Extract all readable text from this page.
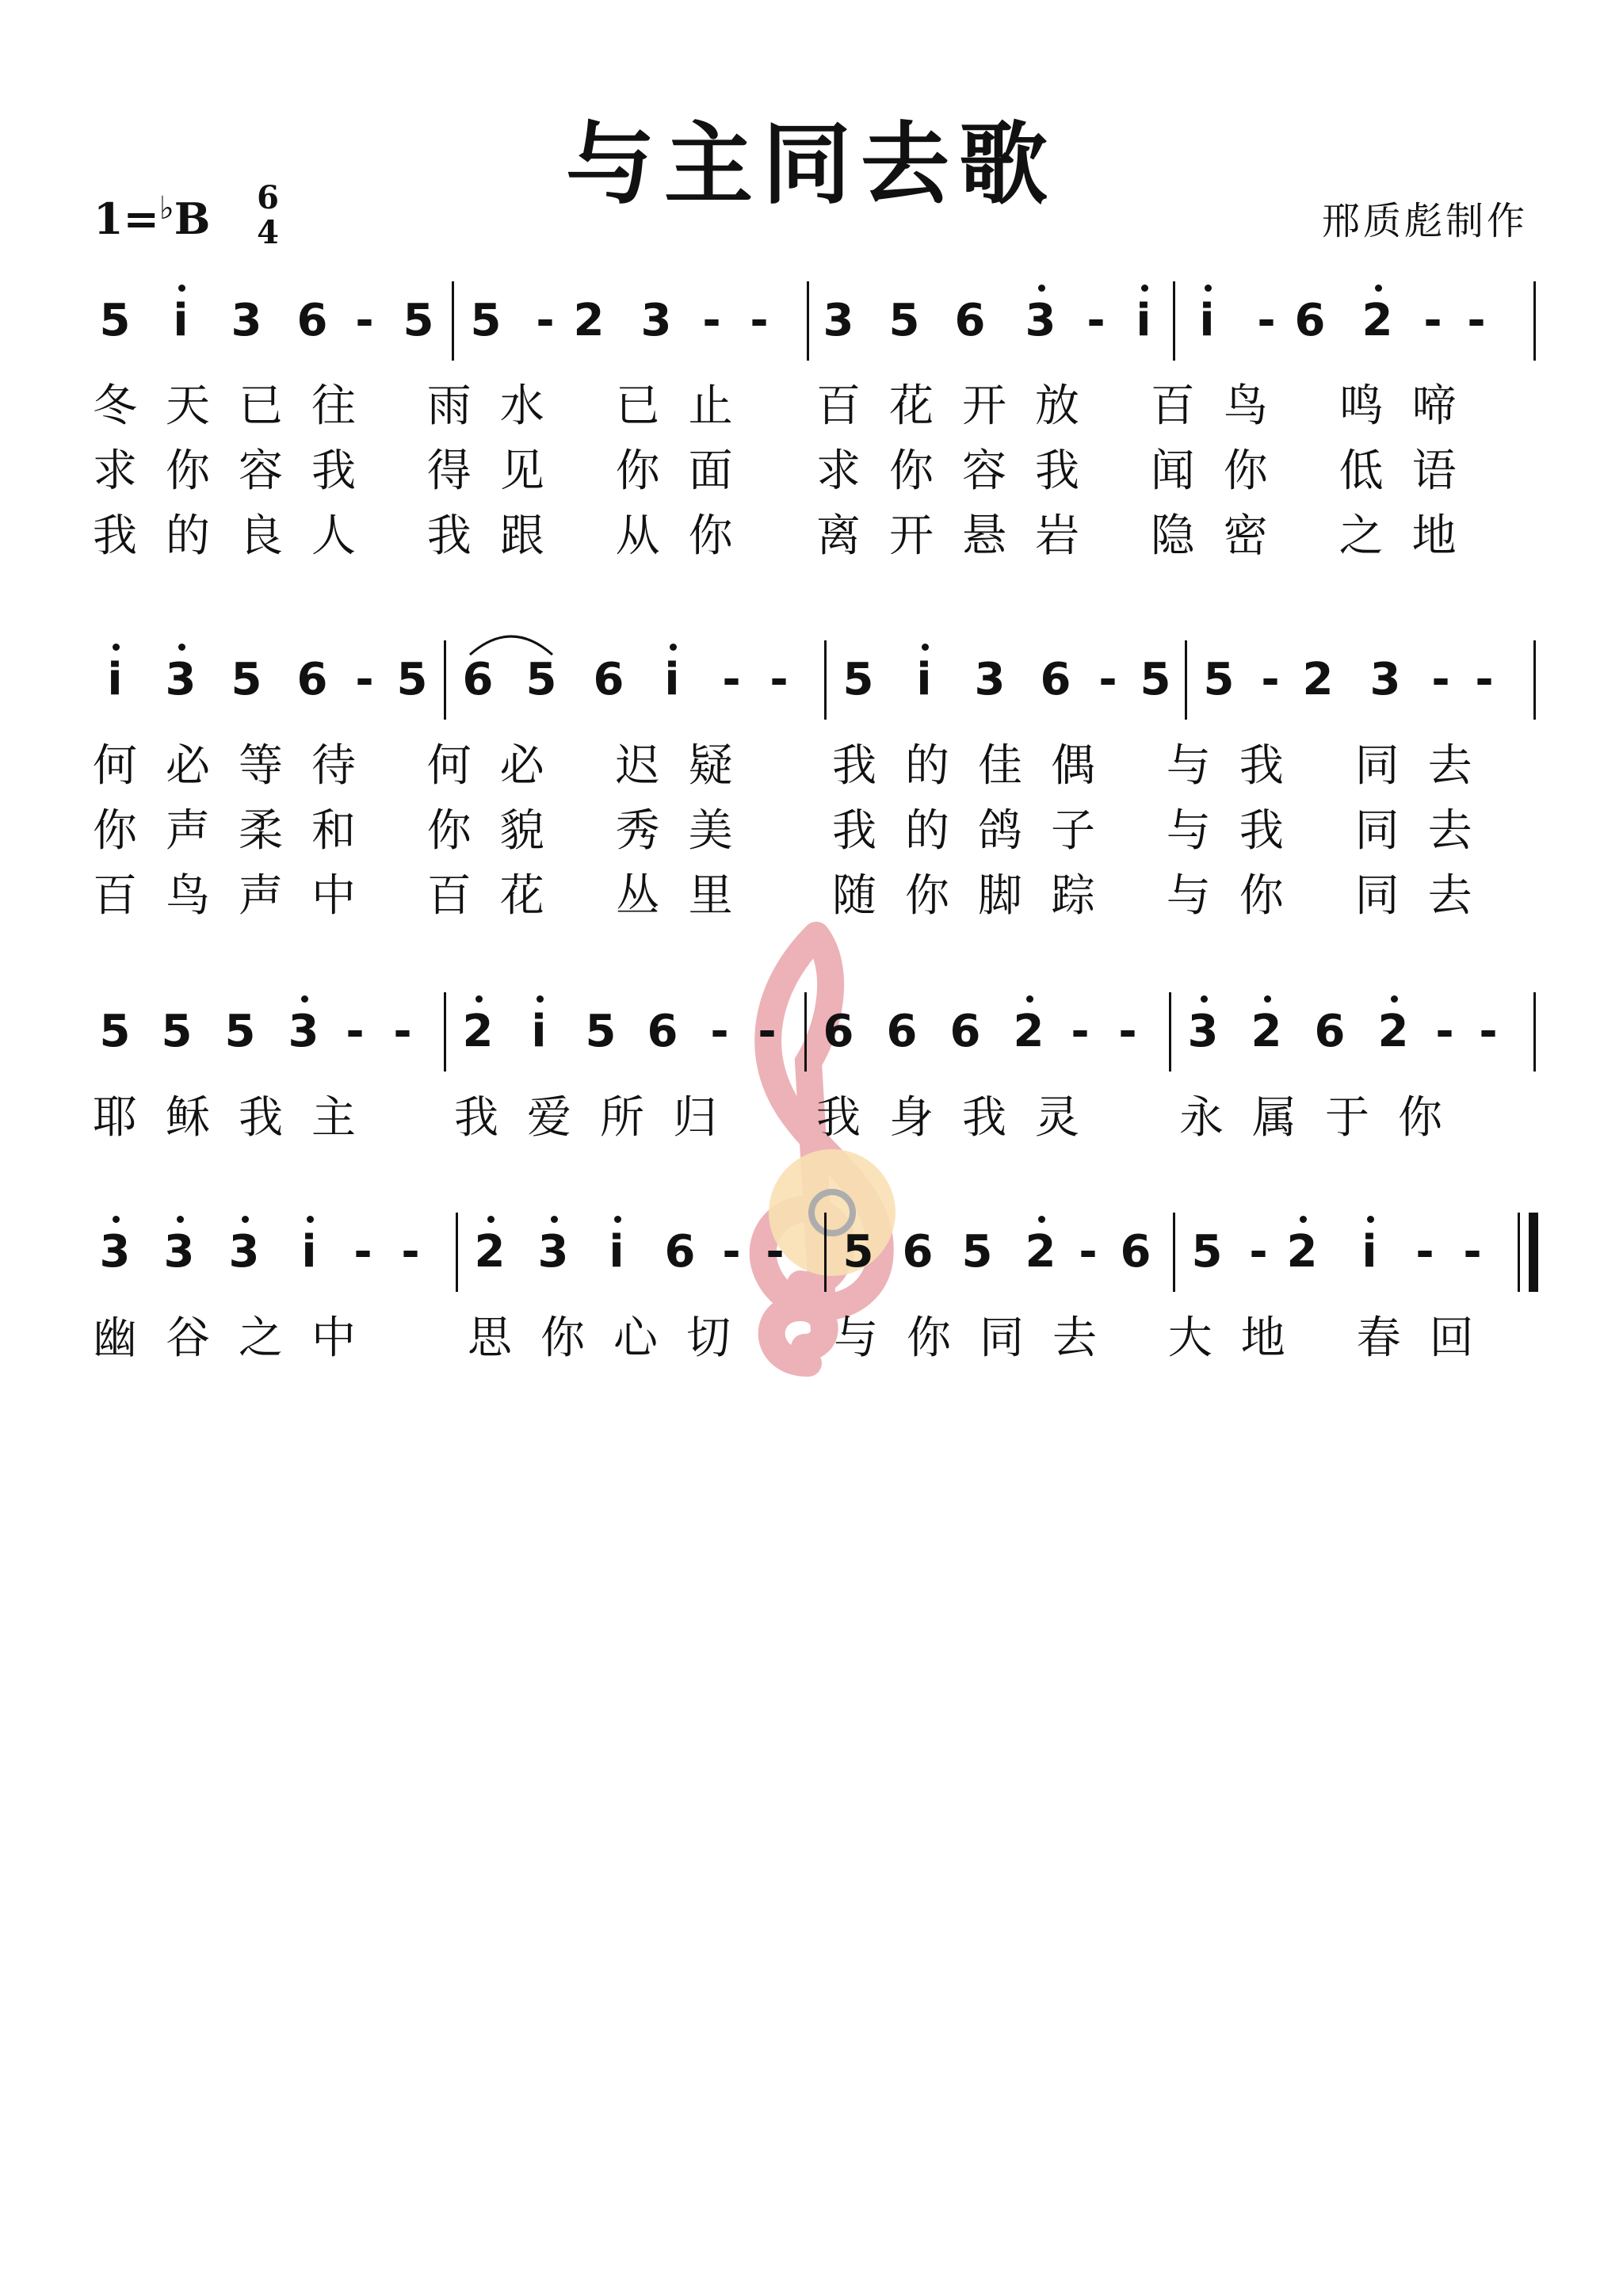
与主同去歌
1=♭B 6
4	邢质彪制作
5 i 3 6 - 5 5 - 2 3 - - 3 5 6 3 - i	i - 6 2 - -
冬天已往 雨水 已止 百花开放 百鸟 鸣啼
求你容我 得见 你面 求你容我 闻你 低语
我的良人 我跟 从你 离开悬岩 隐密 之地
i 3 5 6 - 5 6 5 6 i - - 5 i 3 6 - 5 5 - 2 3 - -
何必等待 何必 迟疑 我的佳偶 与我 同去
你声柔和 你貌 秀美 我的鸽子 与我 同去
百鸟声中 百花 丛里 随你脚踪 与你 同去
5 5 5 3 - - 2 i 5 6 - - 6 6 6 2 - - 3 2 6 2 - -
耶稣我主 我爱所归 我身我灵 永属于你
3 3 3 i - - 2 3 i 6 - - 5 6 5 2 - 6 5 - 2 i - -
幽谷之中 思你心切 与你同去 大地 春回
